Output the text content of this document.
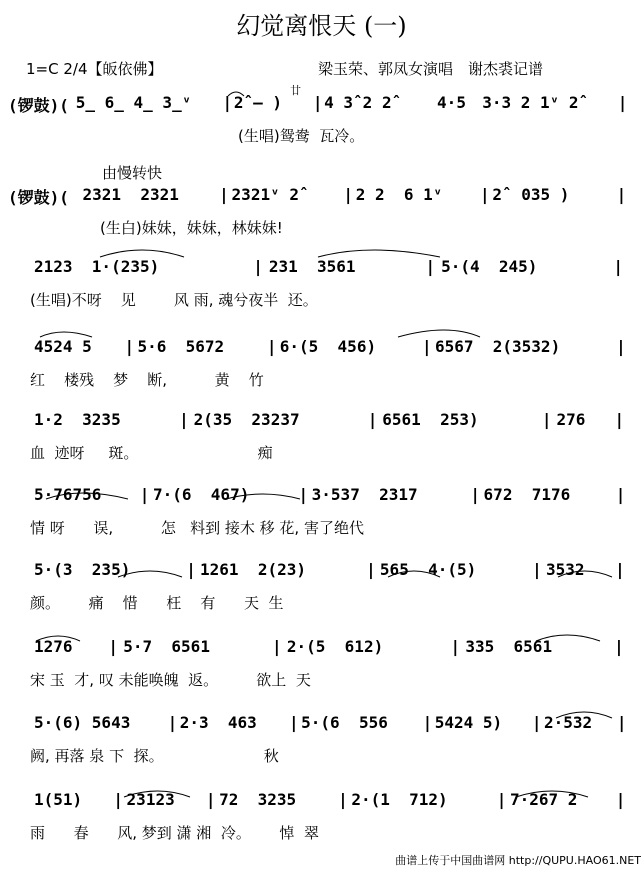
幻觉离恨天 (一)
1=C 2/4【皈依佛】	梁玉荣、郭凤女演唱　谢杰裘记谱
廿
由慢转快
(锣鼓)( 5̲ 6̲ 4̲ 3̲ᵛ | 2̂ – ) | 4 3̂ 2 2̂	4·5 3·3 2 1ᵛ 2̂ |
(生唱)鸳鸯  瓦冷。
(锣鼓)( 2321  2321	| 2321ᵛ 2̂	| 2 2  6 1ᵛ | 2̂  035 )	|
(生白)妹妹，妹妹，林妹妹!
2123  1·(235)	| 231  3561	| 5·(4  245)	|
(生唱)不呀    见        风 雨, 魂兮夜半  还。
4524 5 | 5·6  5672	| 6·(5  456)	| 6567  2(3532)	|
红    楼残    梦    断,          黄    竹
1·2  3235	| 2(35  23237	| 6561  253)	| 276 |
血  迹呀     斑。                         痴
5·76756 | 7·(6  467)	| 3·537  2317	| 672  7176	|
情 呀      误,          怎   料到 接木 移 花, 害了绝代
5·(3  235)	| 1261  2(23)	| 565  4·(5)	| 3532 |
颜。      痛    惜      枉    有      天  生
1276 | 5·7  6561	| 2·(5  612)	| 335  6561	|
宋 玉  才, 叹 未能唤魄  返。        欲上  天
5·(6) 5643 | 2·3  463 | 5·(6  556 | 5424 5) | 2·532 |
阙, 再落 泉 下  探。                     秋
1(51) | 23123 | 72  3235	| 2·(1  712)	| 7·267 2 |
雨      春      风, 梦到 潇 湘  冷。      悼  翠
曲谱上传于中国曲谱网 http://QUPU.HAO61.NET
